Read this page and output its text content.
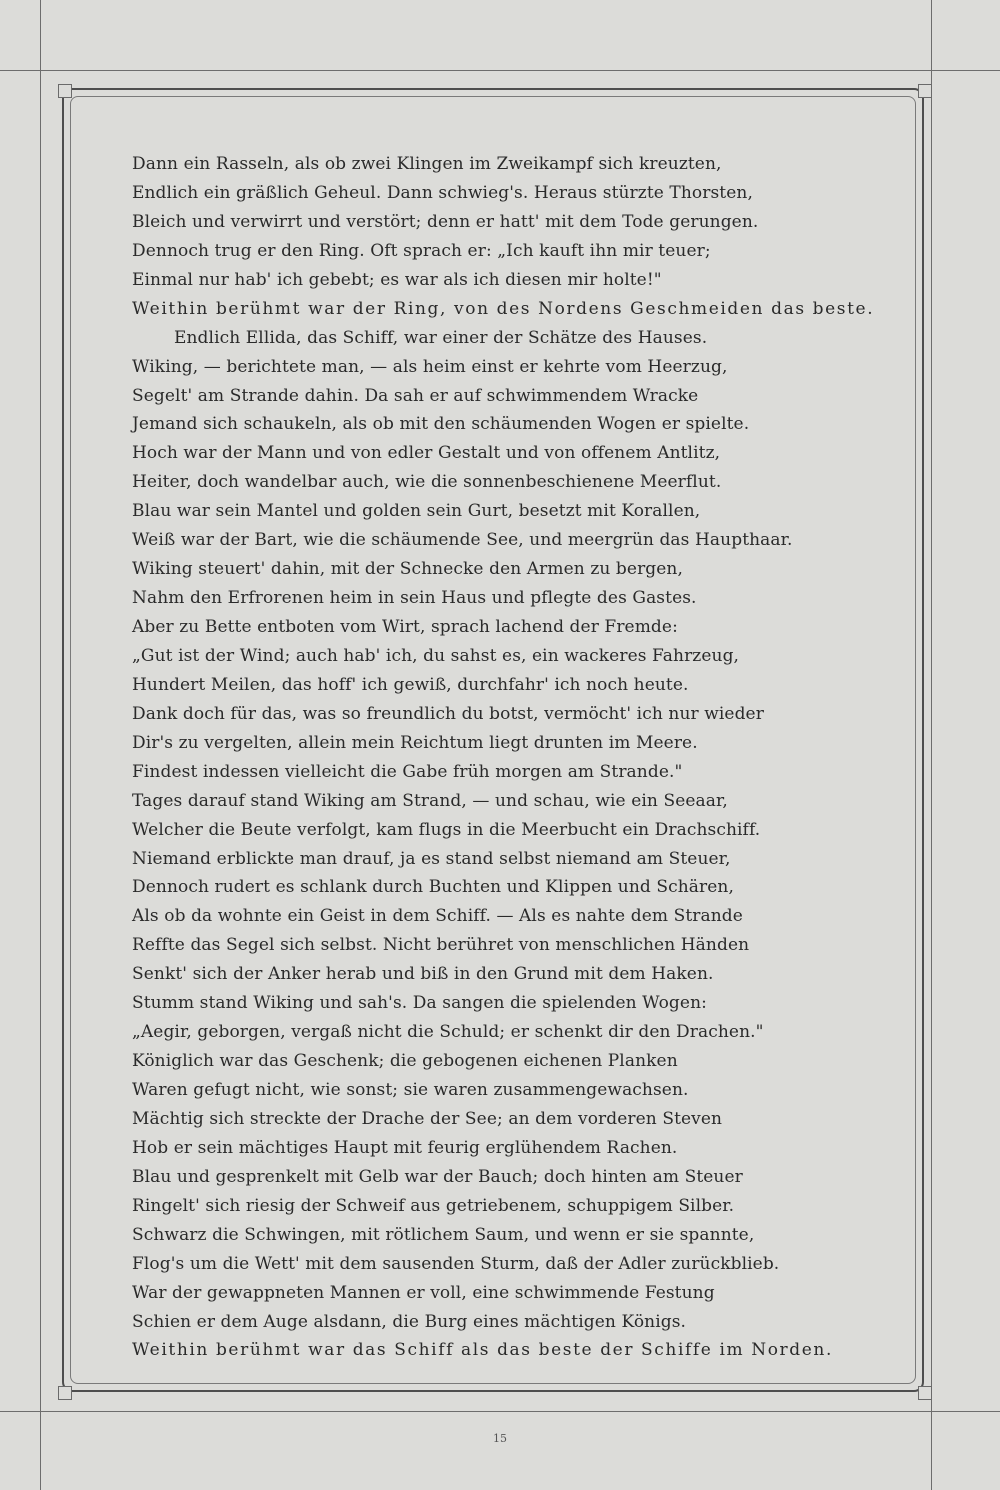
Dann ein Rasseln, als ob zwei Klingen im Zweikampf sich kreuzten,
Endlich ein gräßlich Geheul. Dann schwieg's. Heraus stürzte Thorsten,
Bleich und verwirrt und verstört; denn er hatt' mit dem Tode gerungen.
Dennoch trug er den Ring. Oft sprach er: „Ich kauft ihn mir teuer;
Einmal nur hab' ich gebebt; es war als ich diesen mir holte!"
Weithin berühmt war der Ring, von des Nordens Geschmeiden das beste.
Endlich Ellida, das Schiff, war einer der Schätze des Hauses.
Wiking, — berichtete man, — als heim einst er kehrte vom Heerzug,
Segelt' am Strande dahin. Da sah er auf schwimmendem Wracke
Jemand sich schaukeln, als ob mit den schäumenden Wogen er spielte.
Hoch war der Mann und von edler Gestalt und von offenem Antlitz,
Heiter, doch wandelbar auch, wie die sonnenbeschienene Meerflut.
Blau war sein Mantel und golden sein Gurt, besetzt mit Korallen,
Weiß war der Bart, wie die schäumende See, und meergrün das Haupthaar.
Wiking steuert' dahin, mit der Schnecke den Armen zu bergen,
Nahm den Erfrorenen heim in sein Haus und pflegte des Gastes.
Aber zu Bette entboten vom Wirt, sprach lachend der Fremde:
„Gut ist der Wind; auch hab' ich, du sahst es, ein wackeres Fahrzeug,
Hundert Meilen, das hoff' ich gewiß, durchfahr' ich noch heute.
Dank doch für das, was so freundlich du botst, vermöcht' ich nur wieder
Dir's zu vergelten, allein mein Reichtum liegt drunten im Meere.
Findest indessen vielleicht die Gabe früh morgen am Strande."
Tages darauf stand Wiking am Strand, — und schau, wie ein Seeaar,
Welcher die Beute verfolgt, kam flugs in die Meerbucht ein Drachschiff.
Niemand erblickte man drauf, ja es stand selbst niemand am Steuer,
Dennoch rudert es schlank durch Buchten und Klippen und Schären,
Als ob da wohnte ein Geist in dem Schiff. — Als es nahte dem Strande
Reffte das Segel sich selbst. Nicht berühret von menschlichen Händen
Senkt' sich der Anker herab und biß in den Grund mit dem Haken.
Stumm stand Wiking und sah's. Da sangen die spielenden Wogen:
„Aegir, geborgen, vergaß nicht die Schuld; er schenkt dir den Drachen."
Königlich war das Geschenk; die gebogenen eichenen Planken
Waren gefugt nicht, wie sonst; sie waren zusammengewachsen.
Mächtig sich streckte der Drache der See; an dem vorderen Steven
Hob er sein mächtiges Haupt mit feurig erglühendem Rachen.
Blau und gesprenkelt mit Gelb war der Bauch; doch hinten am Steuer
Ringelt' sich riesig der Schweif aus getriebenem, schuppigem Silber.
Schwarz die Schwingen, mit rötlichem Saum, und wenn er sie spannte,
Flog's um die Wett' mit dem sausenden Sturm, daß der Adler zurückblieb.
War der gewappneten Mannen er voll, eine schwimmende Festung
Schien er dem Auge alsdann, die Burg eines mächtigen Königs.
Weithin berühmt war das Schiff als das beste der Schiffe im Norden.
15
